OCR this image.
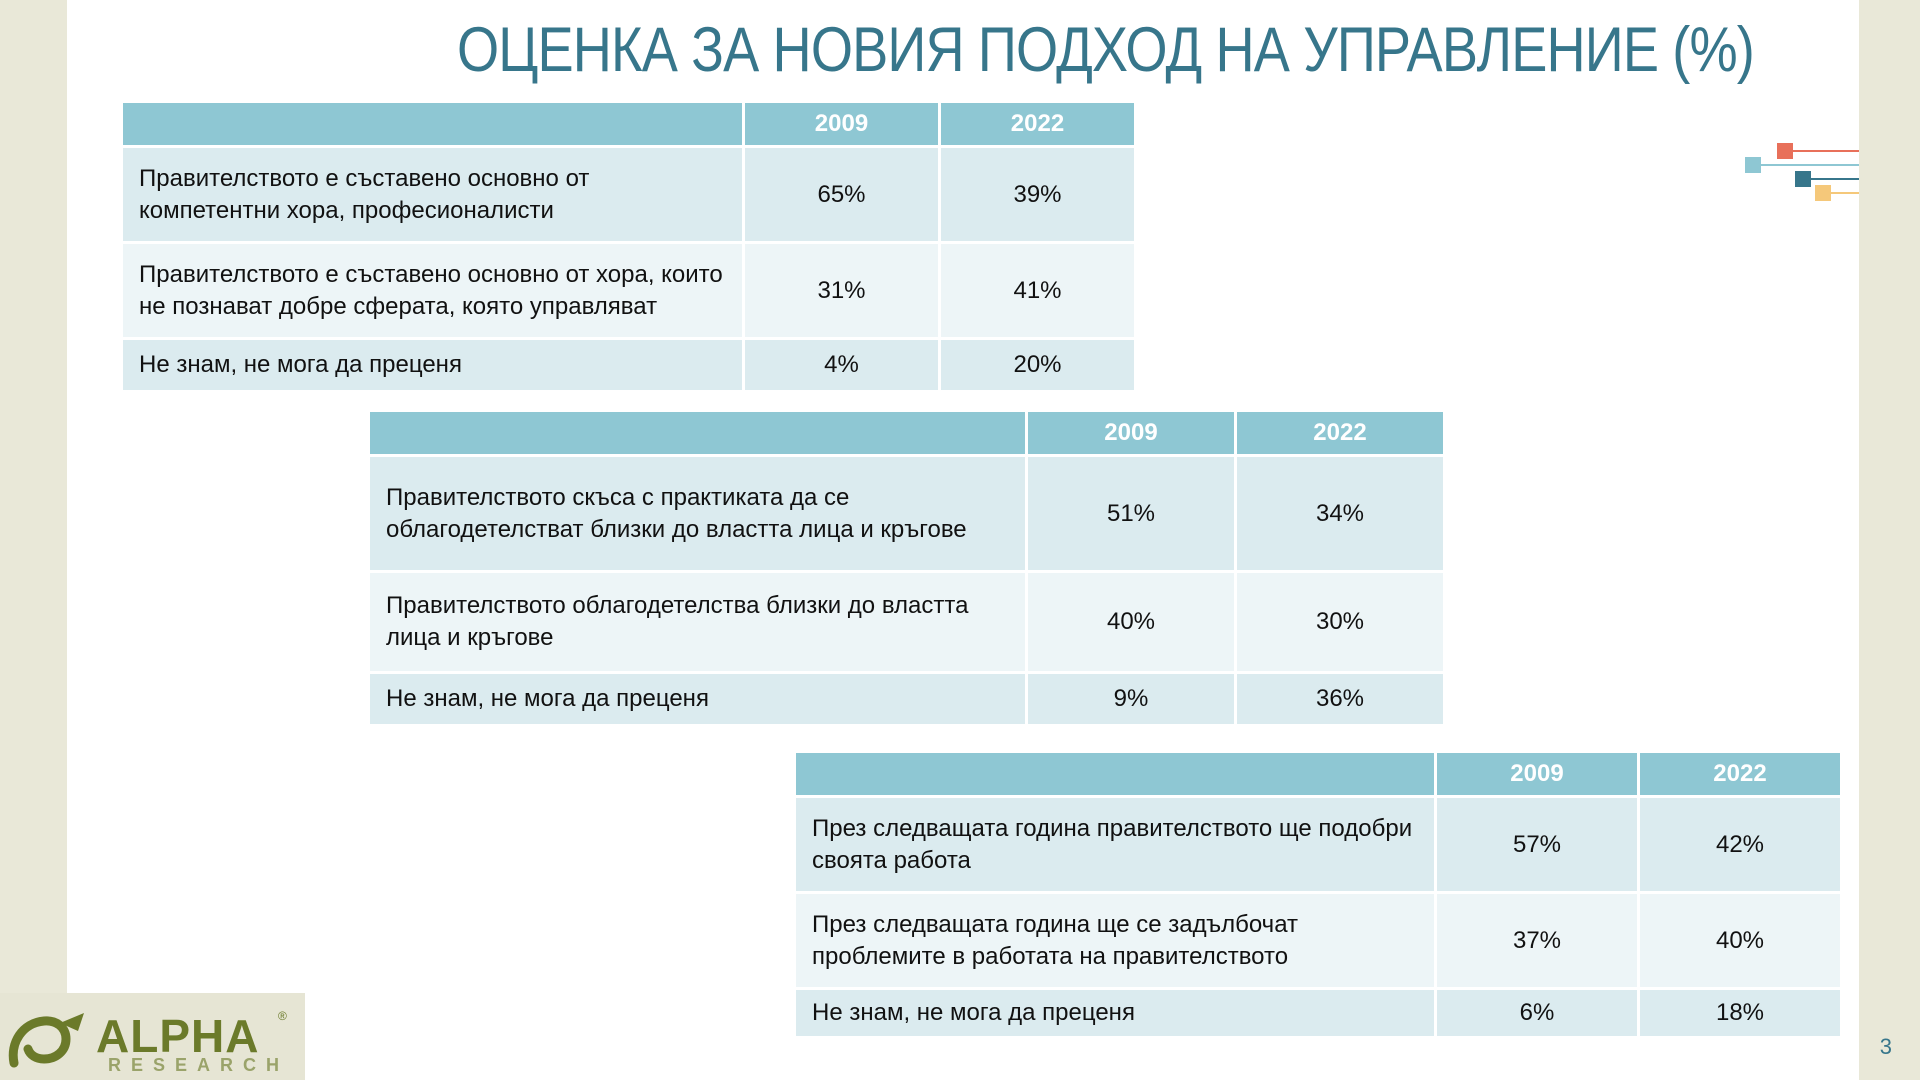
ОЦЕНКА ЗА НОВИЯ ПОДХОД НА УПРАВЛЕНИЕ (%)
	2009	2022
Правителството е съставено основно от компетентни хора, професионалисти	65%	39%
Правителството е съставено основно от хора, които не познават добре сферата, която управляват	31%	41%
Не знам, не мога да преценя	4%	20%
	2009	2022
Правителството скъса с практиката да се облагодетелстват близки до властта лица и кръгове	51%	34%
Правителството облагодетелства близки до властта лица и кръгове	40%	30%
Не знам, не мога да преценя	9%	36%
	2009	2022
През следващата година правителството ще подобри своята работа	57%	42%
През следващата година ще се задълбочат проблемите в работата на правителството	37%	40%
Не знам, не мога да преценя	6%	18%
ALPHA ®
RESEARCH
3
